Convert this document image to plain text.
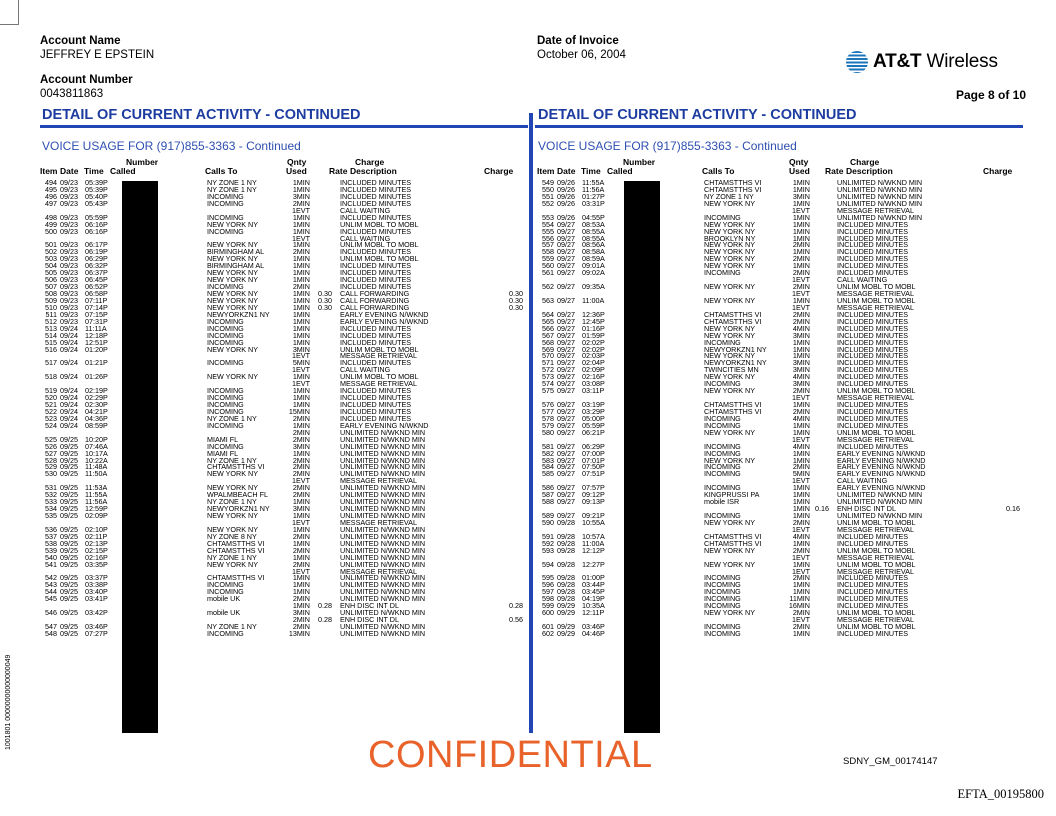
Account Name
JEFFREY E EPSTEIN
Account Number
0043811863
Date of Invoice
October 06, 2004	AT&T Wireless
Page 8 of 10
DETAIL OF CURRENT ACTIVITY - CONTINUED	DETAIL OF CURRENT ACTIVITY - CONTINUED
VOICE USAGE FOR (917)855-3363 - Continued	VOICE USAGE FOR (917)855-3363 - Continued
Number	Qnty	Charge
Item Date Time Called	Calls To	Used	Rate Description	Charge
Number	Qnty	Charge
Item Date Time Called	Calls To	Used Rate Description	Charge
494 09/23 05:39P	NY ZONE 1 NY	1MIN	INCLUDED MINUTES
495 09/23 05:39P	NY ZONE 1 NY	1MIN	INCLUDED MINUTES
496 09/23 05:40P	INCOMING	3MIN	INCLUDED MINUTES
497 09/23 05:43P	INCOMING	2MIN	INCLUDED MINUTES
1EVT	CALL WAITING
498 09/23 05:59P	INCOMING	1MIN	INCLUDED MINUTES
499 09/23 06:16P	NEW YORK NY	1MIN	UNLIM MOBL TO MOBL
500 09/23 06:16P	INCOMING	1MIN	INCLUDED MINUTES
1EVT	CALL WAITING
501 09/23 06:17P	NEW YORK NY	1MIN	UNLIM MOBL TO MOBL
502 09/23 06:19P	BIRMINGHAM AL	2MIN	INCLUDED MINUTES
503 09/23 06:29P	NEW YORK NY	1MIN	UNLIM MOBL TO MOBL
504 09/23 06:32P	BIRMINGHAM AL	1MIN	INCLUDED MINUTES
505 09/23 06:37P	NEW YORK NY	1MIN	INCLUDED MINUTES
506 09/23 06:45P	NEW YORK NY	1MIN	INCLUDED MINUTES
507 09/23 06:52P	INCOMING	2MIN	INCLUDED MINUTES
508 09/23 06:58P	NEW YORK NY	1MIN 0.30 CALL FORWARDING	0.30
509 09/23 07:11P	NEW YORK NY	1MIN 0.30 CALL FORWARDING	0.30
510 09/23 07:14P	NEW YORK NY	1MIN 0.30 CALL FORWARDING	0.30
511 09/23 07:15P	NEWYORKZN1 NY	1MIN	EARLY EVENING N/WKND
512 09/23 07:31P	INCOMING	1MIN	EARLY EVENING N/WKND
513 09/24 11:11A	INCOMING	1MIN	INCLUDED MINUTES
514 09/24 12:18P	INCOMING	1MIN	INCLUDED MINUTES
515 09/24 12:51P	INCOMING	1MIN	INCLUDED MINUTES
516 09/24 01:20P	NEW YORK NY	3MIN	UNLIM MOBL TO MOBL
1EVT	MESSAGE RETRIEVAL
517 09/24 01:21P	INCOMING	5MIN	INCLUDED MINUTES
1EVT	CALL WAITING
518 09/24 01:26P	NEW YORK NY	1MIN	UNLIM MOBL TO MOBL
1EVT	MESSAGE RETRIEVAL
519 09/24 02:19P	INCOMING	1MIN	INCLUDED MINUTES
520 09/24 02:29P	INCOMING	1MIN	INCLUDED MINUTES
521 09/24 02:30P	INCOMING	1MIN	INCLUDED MINUTES
522 09/24 04:21P	INCOMING	15MIN	INCLUDED MINUTES
523 09/24 04:36P	NY ZONE 1 NY	2MIN	INCLUDED MINUTES
524 09/24 08:59P	INCOMING	1MIN	EARLY EVENING N/WKND
2MIN	UNLIMITED N/WKND MIN
525 09/25 10:20P	MIAMI FL	2MIN	UNLIMITED N/WKND MIN
526 09/25 07:46A	INCOMING	3MIN	UNLIMITED N/WKND MIN
527 09/25 10:17A	MIAMI FL	1MIN	UNLIMITED N/WKND MIN
528 09/25 10:22A	NY ZONE 1 NY	2MIN	UNLIMITED N/WKND MIN
529 09/25 11:48A	CHTAMSTTHS VI	2MIN	UNLIMITED N/WKND MIN
530 09/25 11:50A	NEW YORK NY	2MIN	UNLIMITED N/WKND MIN
1EVT	MESSAGE RETRIEVAL
531 09/25 11:53A	NEW YORK NY	2MIN	UNLIMITED N/WKND MIN
532 09/25 11:55A	WPALMBEACH FL	2MIN	UNLIMITED N/WKND MIN
533 09/25 11:56A	NY ZONE 1 NY	1MIN	UNLIMITED N/WKND MIN
534 09/25 12:59P	NEWYORKZN1 NY	3MIN	UNLIMITED N/WKND MIN
535 09/25 02:09P	NEW YORK NY	1MIN	UNLIMITED N/WKND MIN
1EVT	MESSAGE RETRIEVAL
536 09/25 02:10P	NEW YORK NY	1MIN	UNLIMITED N/WKND MIN
537 09/25 02:11P	NY ZONE 8 NY	2MIN	UNLIMITED N/WKND MIN
538 09/25 02:13P	CHTAMSTTHS VI	1MIN	UNLIMITED N/WKND MIN
539 09/25 02:15P	CHTAMSTTHS VI	2MIN	UNLIMITED N/WKND MIN
540 09/25 02:16P	NY ZONE 1 NY	1MIN	UNLIMITED N/WKND MIN
541 09/25 03:35P	NEW YORK NY	2MIN	UNLIMITED N/WKND MIN
1EVT	MESSAGE RETRIEVAL
542 09/25 03:37P	CHTAMSTTHS VI	1MIN	UNLIMITED N/WKND MIN
543 09/25 03:38P	INCOMING	1MIN	UNLIMITED N/WKND MIN
544 09/25 03:40P	INCOMING	1MIN	UNLIMITED N/WKND MIN
545 09/25 03:41P	mobile UK	2MIN	UNLIMITED N/WKND MIN
1MIN 0.28 ENH DISC INT DL	0.28
546 09/25 03:42P	mobile UK	3MIN	UNLIMITED N/WKND MIN
2MIN 0.28 ENH DISC INT DL	0.56
547 09/25 03:46P	NY ZONE 1 NY	2MIN	UNLIMITED N/WKND MIN
548 09/25 07:27P	INCOMING	13MIN	UNLIMITED N/WKND MIN
549 09/26 11:55A	CHTAMSTTHS VI	1MIN	UNLIMITED N/WKND MIN
550 09/26 11:56A	CHTAMSTTHS VI	1MIN	UNLIMITED N/WKND MIN
551 09/26 01:27P	NY ZONE 1 NY	3MIN	UNLIMITED N/WKND MIN
552 09/26 03:31P	NEW YORK NY	1MIN	UNLIMITED N/WKND MIN
1EVT	MESSAGE RETRIEVAL
553 09/26 04:55P	INCOMING	1MIN	UNLIMITED N/WKND MIN
554 09/27 08:53A	NEW YORK NY	1MIN	INCLUDED MINUTES
555 09/27 08:55A	NEW YORK NY	1MIN	INCLUDED MINUTES
556 09/27 08:55A	BROOKLYN NY	1MIN	INCLUDED MINUTES
557 09/27 08:56A	NEW YORK NY	2MIN	INCLUDED MINUTES
558 09/27 08:58A	NEW YORK NY	1MIN	INCLUDED MINUTES
559 09/27 08:59A	NEW YORK NY	2MIN	INCLUDED MINUTES
560 09/27 09:01A	NEW YORK NY	1MIN	INCLUDED MINUTES
561 09/27 09:02A	INCOMING	2MIN	INCLUDED MINUTES
1EVT	CALL WAITING
562 09/27 09:35A	NEW YORK NY	2MIN	UNLIM MOBL TO MOBL
1EVT	MESSAGE RETRIEVAL
563 09/27 11:00A	NEW YORK NY	1MIN	UNLIM MOBL TO MOBL
1EVT	MESSAGE RETRIEVAL
564 09/27 12:36P	CHTAMSTTHS VI	2MIN	INCLUDED MINUTES
565 09/27 12:45P	CHTAMSTTHS VI	2MIN	INCLUDED MINUTES
566 09/27 01:16P	NEW YORK NY	4MIN	INCLUDED MINUTES
567 09/27 01:59P	NEW YORK NY	3MIN	INCLUDED MINUTES
568 09/27 02:02P	INCOMING	1MIN	INCLUDED MINUTES
569 09/27 02:02P	NEWYORKZN1 NY	1MIN	INCLUDED MINUTES
570 09/27 02:03P	NEW YORK NY	1MIN	INCLUDED MINUTES
571 09/27 02:04P	NEWYORKZN1 NY	3MIN	INCLUDED MINUTES
572 09/27 02:09P	TWINCITIES MN	3MIN	INCLUDED MINUTES
573 09/27 02:16P	NEW YORK NY	4MIN	INCLUDED MINUTES
574 09/27 03:08P	INCOMING	3MIN	INCLUDED MINUTES
575 09/27 03:11P	NEW YORK NY	2MIN	UNLIM MOBL TO MOBL
1EVT	MESSAGE RETRIEVAL
576 09/27 03:19P	CHTAMSTTHS VI	1MIN	INCLUDED MINUTES
577 09/27 03:29P	CHTAMSTTHS VI	2MIN	INCLUDED MINUTES
578 09/27 05:00P	INCOMING	4MIN	INCLUDED MINUTES
579 09/27 05:59P	INCOMING	1MIN	INCLUDED MINUTES
580 09/27 06:21P	NEW YORK NY	1MIN	UNLIM MOBL TO MOBL
1EVT	MESSAGE RETRIEVAL
581 09/27 06:29P	INCOMING	4MIN	INCLUDED MINUTES
582 09/27 07:00P	INCOMING	1MIN	EARLY EVENING N/WKND
583 09/27 07:01P	NEW YORK NY	1MIN	EARLY EVENING N/WKND
584 09/27 07:50P	INCOMING	2MIN	EARLY EVENING N/WKND
585 09/27 07:51P	INCOMING	5MIN	EARLY EVENING N/WKND
1EVT	CALL WAITING
586 09/27 07:57P	INCOMING	1MIN	EARLY EVENING N/WKND
587 09/27 09:12P	KINGPRUSSI PA	1MIN	UNLIMITED N/WKND MIN
588 09/27 09:13P	mobile ISR	1MIN	UNLIMITED N/WKND MIN
1MIN 0.16 ENH DISC INT DL	0.16
589 09/27 09:21P	INCOMING	1MIN	UNLIMITED N/WKND MIN
590 09/28 10:55A	NEW YORK NY	2MIN	UNLIM MOBL TO MOBL
1EVT	MESSAGE RETRIEVAL
591 09/28 10:57A	CHTAMSTTHS VI	4MIN	INCLUDED MINUTES
592 09/28 11:00A	CHTAMSTTHS VI	1MIN	INCLUDED MINUTES
593 09/28 12:12P	NEW YORK NY	2MIN	UNLIM MOBL TO MOBL
1EVT	MESSAGE RETRIEVAL
594 09/28 12:27P	NEW YORK NY	1MIN	UNLIM MOBL TO MOBL
1EVT	MESSAGE RETRIEVAL
595 09/28 01:00P	INCOMING	2MIN	INCLUDED MINUTES
596 09/28 03:44P	INCOMING	1MIN	INCLUDED MINUTES
597 09/28 03:45P	INCOMING	1MIN	INCLUDED MINUTES
598 09/28 04:19P	INCOMING	11MIN	INCLUDED MINUTES
599 09/29 10:35A	INCOMING	16MIN	INCLUDED MINUTES
600 09/29 12:11P	NEW YORK NY	2MIN	UNLIM MOBL TO MOBL
1EVT	MESSAGE RETRIEVAL
601 09/29 03:46P	INCOMING	2MIN	UNLIM MOBL TO MOBL
602 09/29 04:46P	INCOMING	1MIN	INCLUDED MINUTES
CONFIDENTIAL	SDNY_GM_00174147
EFTA_00195800
1001801 00000000000000049
